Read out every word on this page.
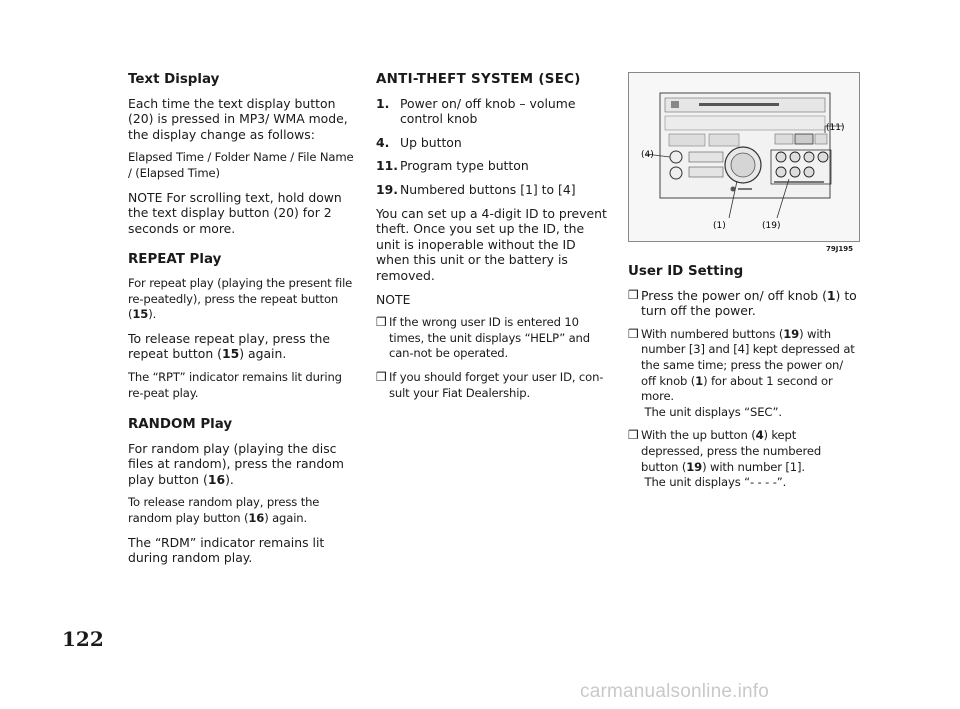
Text Display

Each time the text display button (20) is pressed in MP3/ WMA mode, the display change as follows:

Elapsed Time / Folder Name / File Name / (Elapsed Time)

NOTE For scrolling text, hold down the text display button (20) for 2 seconds or more.

REPEAT Play

For repeat play (playing the present file re-peatedly), press the repeat button (15).

To release repeat play, press the repeat button (15) again.

The “RPT” indicator remains lit during re-peat play.

RANDOM Play

For random play (playing the disc files at random), press the random play button (16).

To release random play, press the random play button (16) again.

The “RDM” indicator remains lit during random play.

ANTI-THEFT SYSTEM (SEC)
1. Power on/ off knob – volume control knob
4. Up button
11. Program type button
19. Numbered buttons [1] to [4]

You can set up a 4-digit ID to prevent theft. Once you set up the ID, the unit is inoperable without the ID when this unit or the battery is removed.

NOTE

❒ If the wrong user ID is entered 10 times, the unit displays “HELP” and can-not be operated.
❒ If you should forget your user ID, con-sult your Fiat Dealership.
(4)
(11)
(1)	(19)
79J195
User ID Setting
❒ Press the power on/ off knob (1) to turn off the power.
❒ With numbered buttons (19) with number [3] and [4] kept depressed at the same time; press the power on/ off knob (1) for about 1 second or more.
The unit displays “SEC”.
❒ With the up button (4) kept depressed, press the numbered button (19) with number [1].
The unit displays “- - - -”.
122
carmanualsonline.info
